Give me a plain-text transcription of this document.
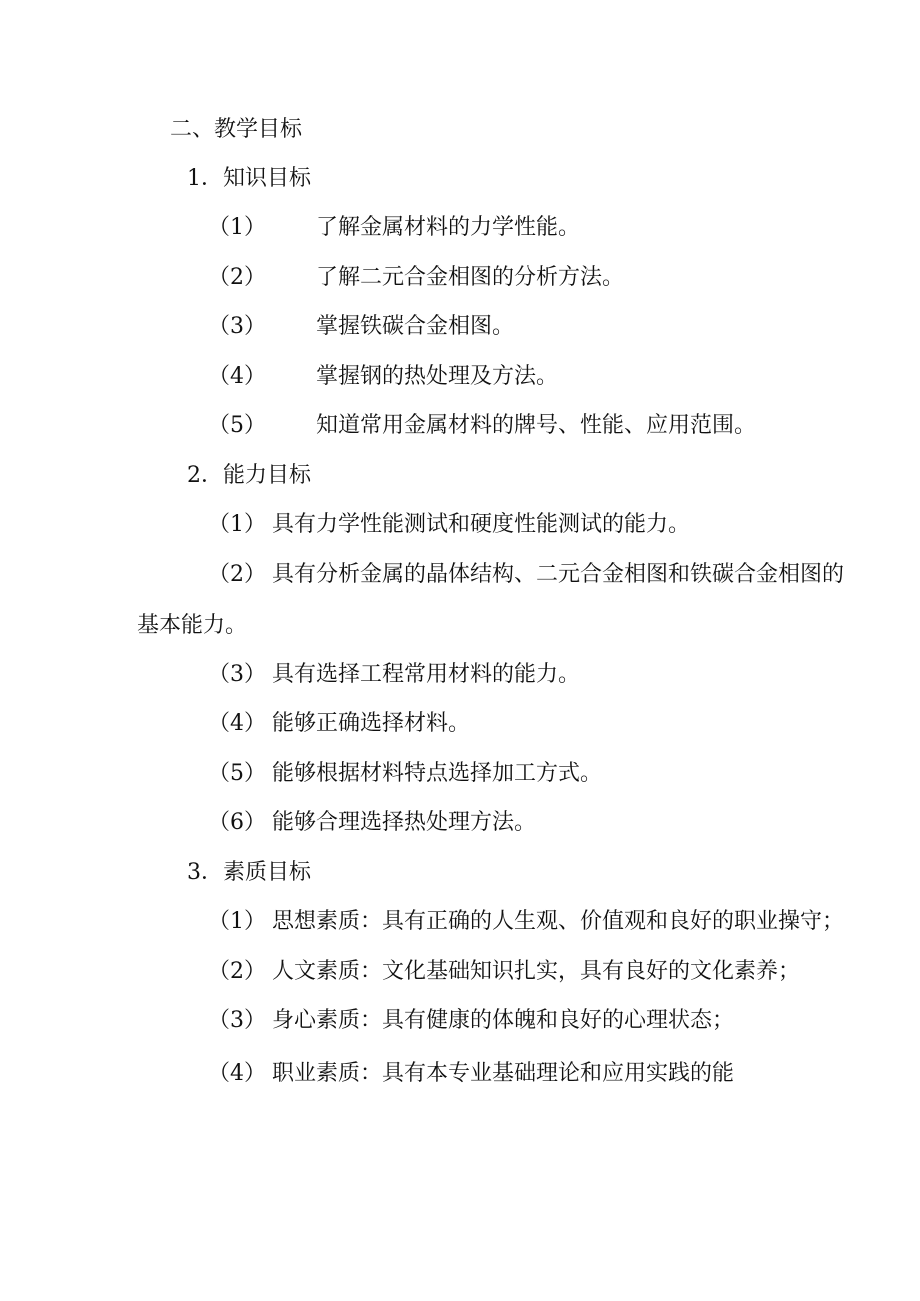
二、教学目标
1．知识目标
（1） 了解金属材料的力学性能。
（2） 了解二元合金相图的分析方法。
（3） 掌握铁碳合金相图。
（4） 掌握钢的热处理及方法。
（5） 知道常用金属材料的牌号、性能、应用范围。
2．能力目标
（1） 具有力学性能测试和硬度性能测试的能力。
（2） 具有分析金属的晶体结构、二元合金相图和铁碳合金相图的
基本能力。
（3） 具有选择工程常用材料的能力。
（4） 能够正确选择材料。
（5） 能够根据材料特点选择加工方式。
（6） 能够合理选择热处理方法。
3．素质目标
（1） 思想素质：具有正确的人生观、价值观和良好的职业操守；
（2） 人文素质：文化基础知识扎实，具有良好的文化素养；
（3） 身心素质：具有健康的体魄和良好的心理状态；
（4） 职业素质：具有本专业基础理论和应用实践的能
